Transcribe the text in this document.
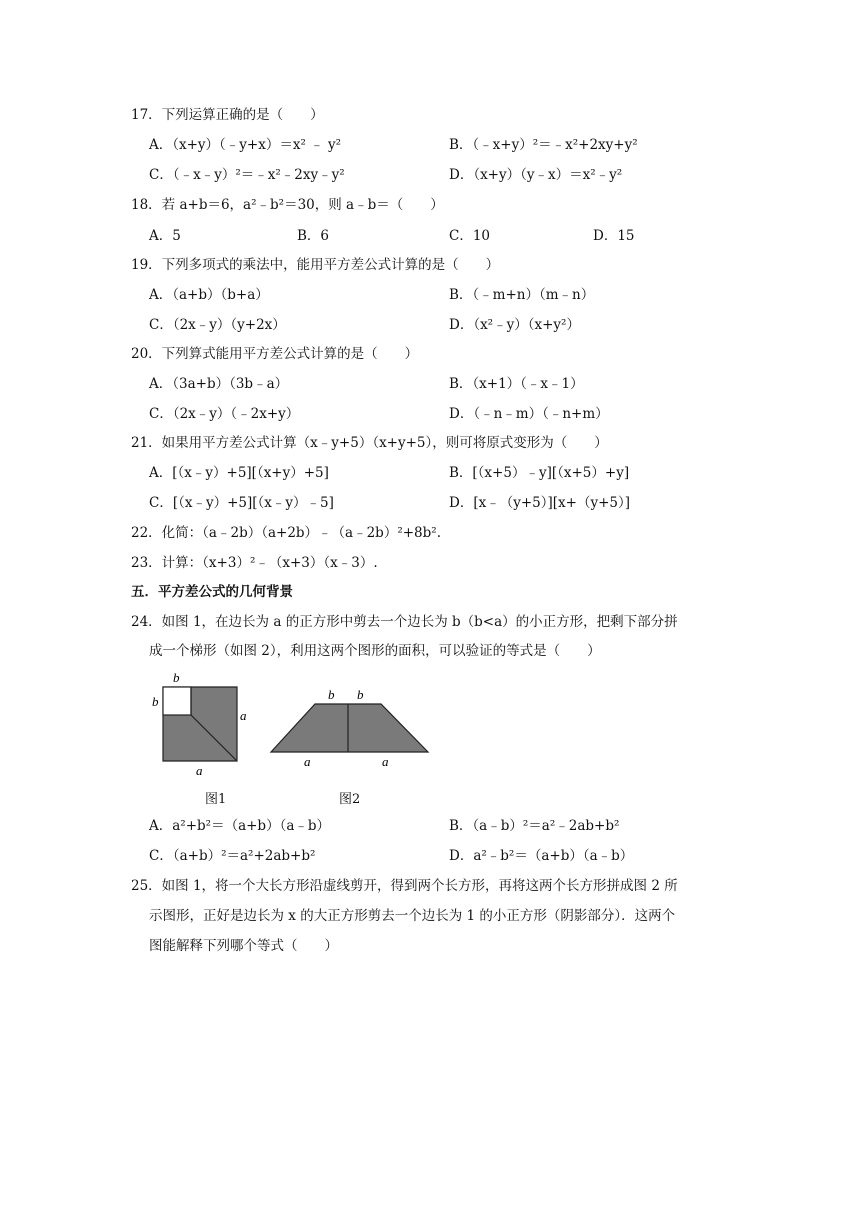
17．下列运算正确的是（　　）
A．（x+y）（﹣y+x）＝x² ﹣ y²	B．（﹣x+y）²＝﹣x²+2xy+y²
C．（﹣x﹣y）²＝﹣x²﹣2xy﹣y²	D．（x+y）（y﹣x）＝x²﹣y²
18．若 a+b＝6，a²﹣b²＝30，则 a﹣b＝（　　）
A．5	B．6	C．10	D．15
19．下列多项式的乘法中，能用平方差公式计算的是（　　）
A．（a+b）（b+a）	B．（﹣m+n）（m﹣n）
C．（2x﹣y）（y+2x）	D．（x²﹣y）（x+y²）
20．下列算式能用平方差公式计算的是（　　）
A．（3a+b）（3b﹣a）	B．（x+1）（﹣x﹣1）
C．（2x﹣y）（﹣2x+y）	D．（﹣n﹣m）（﹣n+m）
21．如果用平方差公式计算（x﹣y+5）（x+y+5），则可将原式变形为（　　）
A．[（x﹣y）+5][（x+y）+5]	B．[（x+5）﹣y][（x+5）+y]
C．[（x﹣y）+5][（x﹣y）﹣5]	D．[x﹣（y+5）][x+（y+5）]
22．化简：（a﹣2b）（a+2b）﹣（a﹣2b）²+8b².
23．计算：（x+3）²﹣（x+3）（x﹣3）.
五．平方差公式的几何背景
24．如图 1，在边长为 a 的正方形中剪去一个边长为 b（b<a）的小正方形，把剩下部分拼
成一个梯形（如图 2），利用这两个图形的面积，可以验证的等式是（　　）
b
b
a
a
b b
a	a
图1	图2
A．a²+b²＝（a+b）（a﹣b）	B．（a﹣b）²＝a²﹣2ab+b²
C．（a+b）²＝a²+2ab+b²	D．a²﹣b²＝（a+b）（a﹣b）
25．如图 1，将一个大长方形沿虚线剪开，得到两个长方形，再将这两个长方形拼成图 2 所
示图形，正好是边长为 x 的大正方形剪去一个边长为 1 的小正方形（阴影部分）．这两个
图能解释下列哪个等式（　　）
